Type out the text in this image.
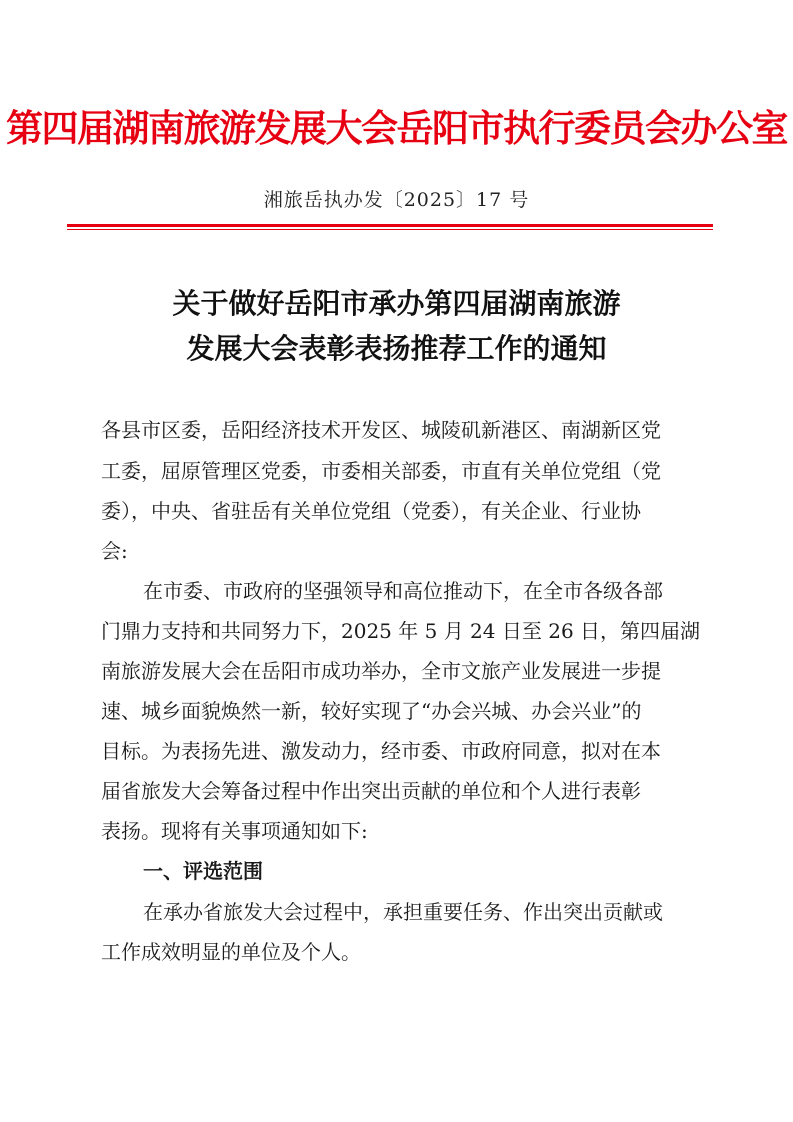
第四届湖南旅游发展大会岳阳市执行委员会办公室
湘旅岳执办发〔2025〕17 号
关于做好岳阳市承办第四届湖南旅游
发展大会表彰表扬推荐工作的通知
各县市区委，岳阳经济技术开发区、城陵矶新港区、南湖新区党
工委，屈原管理区党委，市委相关部委，市直有关单位党组（党
委），中央、省驻岳有关单位党组（党委），有关企业、行业协
会:
在市委、市政府的坚强领导和高位推动下，在全市各级各部
门鼎力支持和共同努力下，2025 年 5 月 24 日至 26 日，第四届湖
南旅游发展大会在岳阳市成功举办，全市文旅产业发展进一步提
速、城乡面貌焕然一新，较好实现了“办会兴城、办会兴业”的
目标。为表扬先进、激发动力，经市委、市政府同意，拟对在本
届省旅发大会筹备过程中作出突出贡献的单位和个人进行表彰
表扬。现将有关事项通知如下:
一、评选范围
在承办省旅发大会过程中，承担重要任务、作出突出贡献或
工作成效明显的单位及个人。
